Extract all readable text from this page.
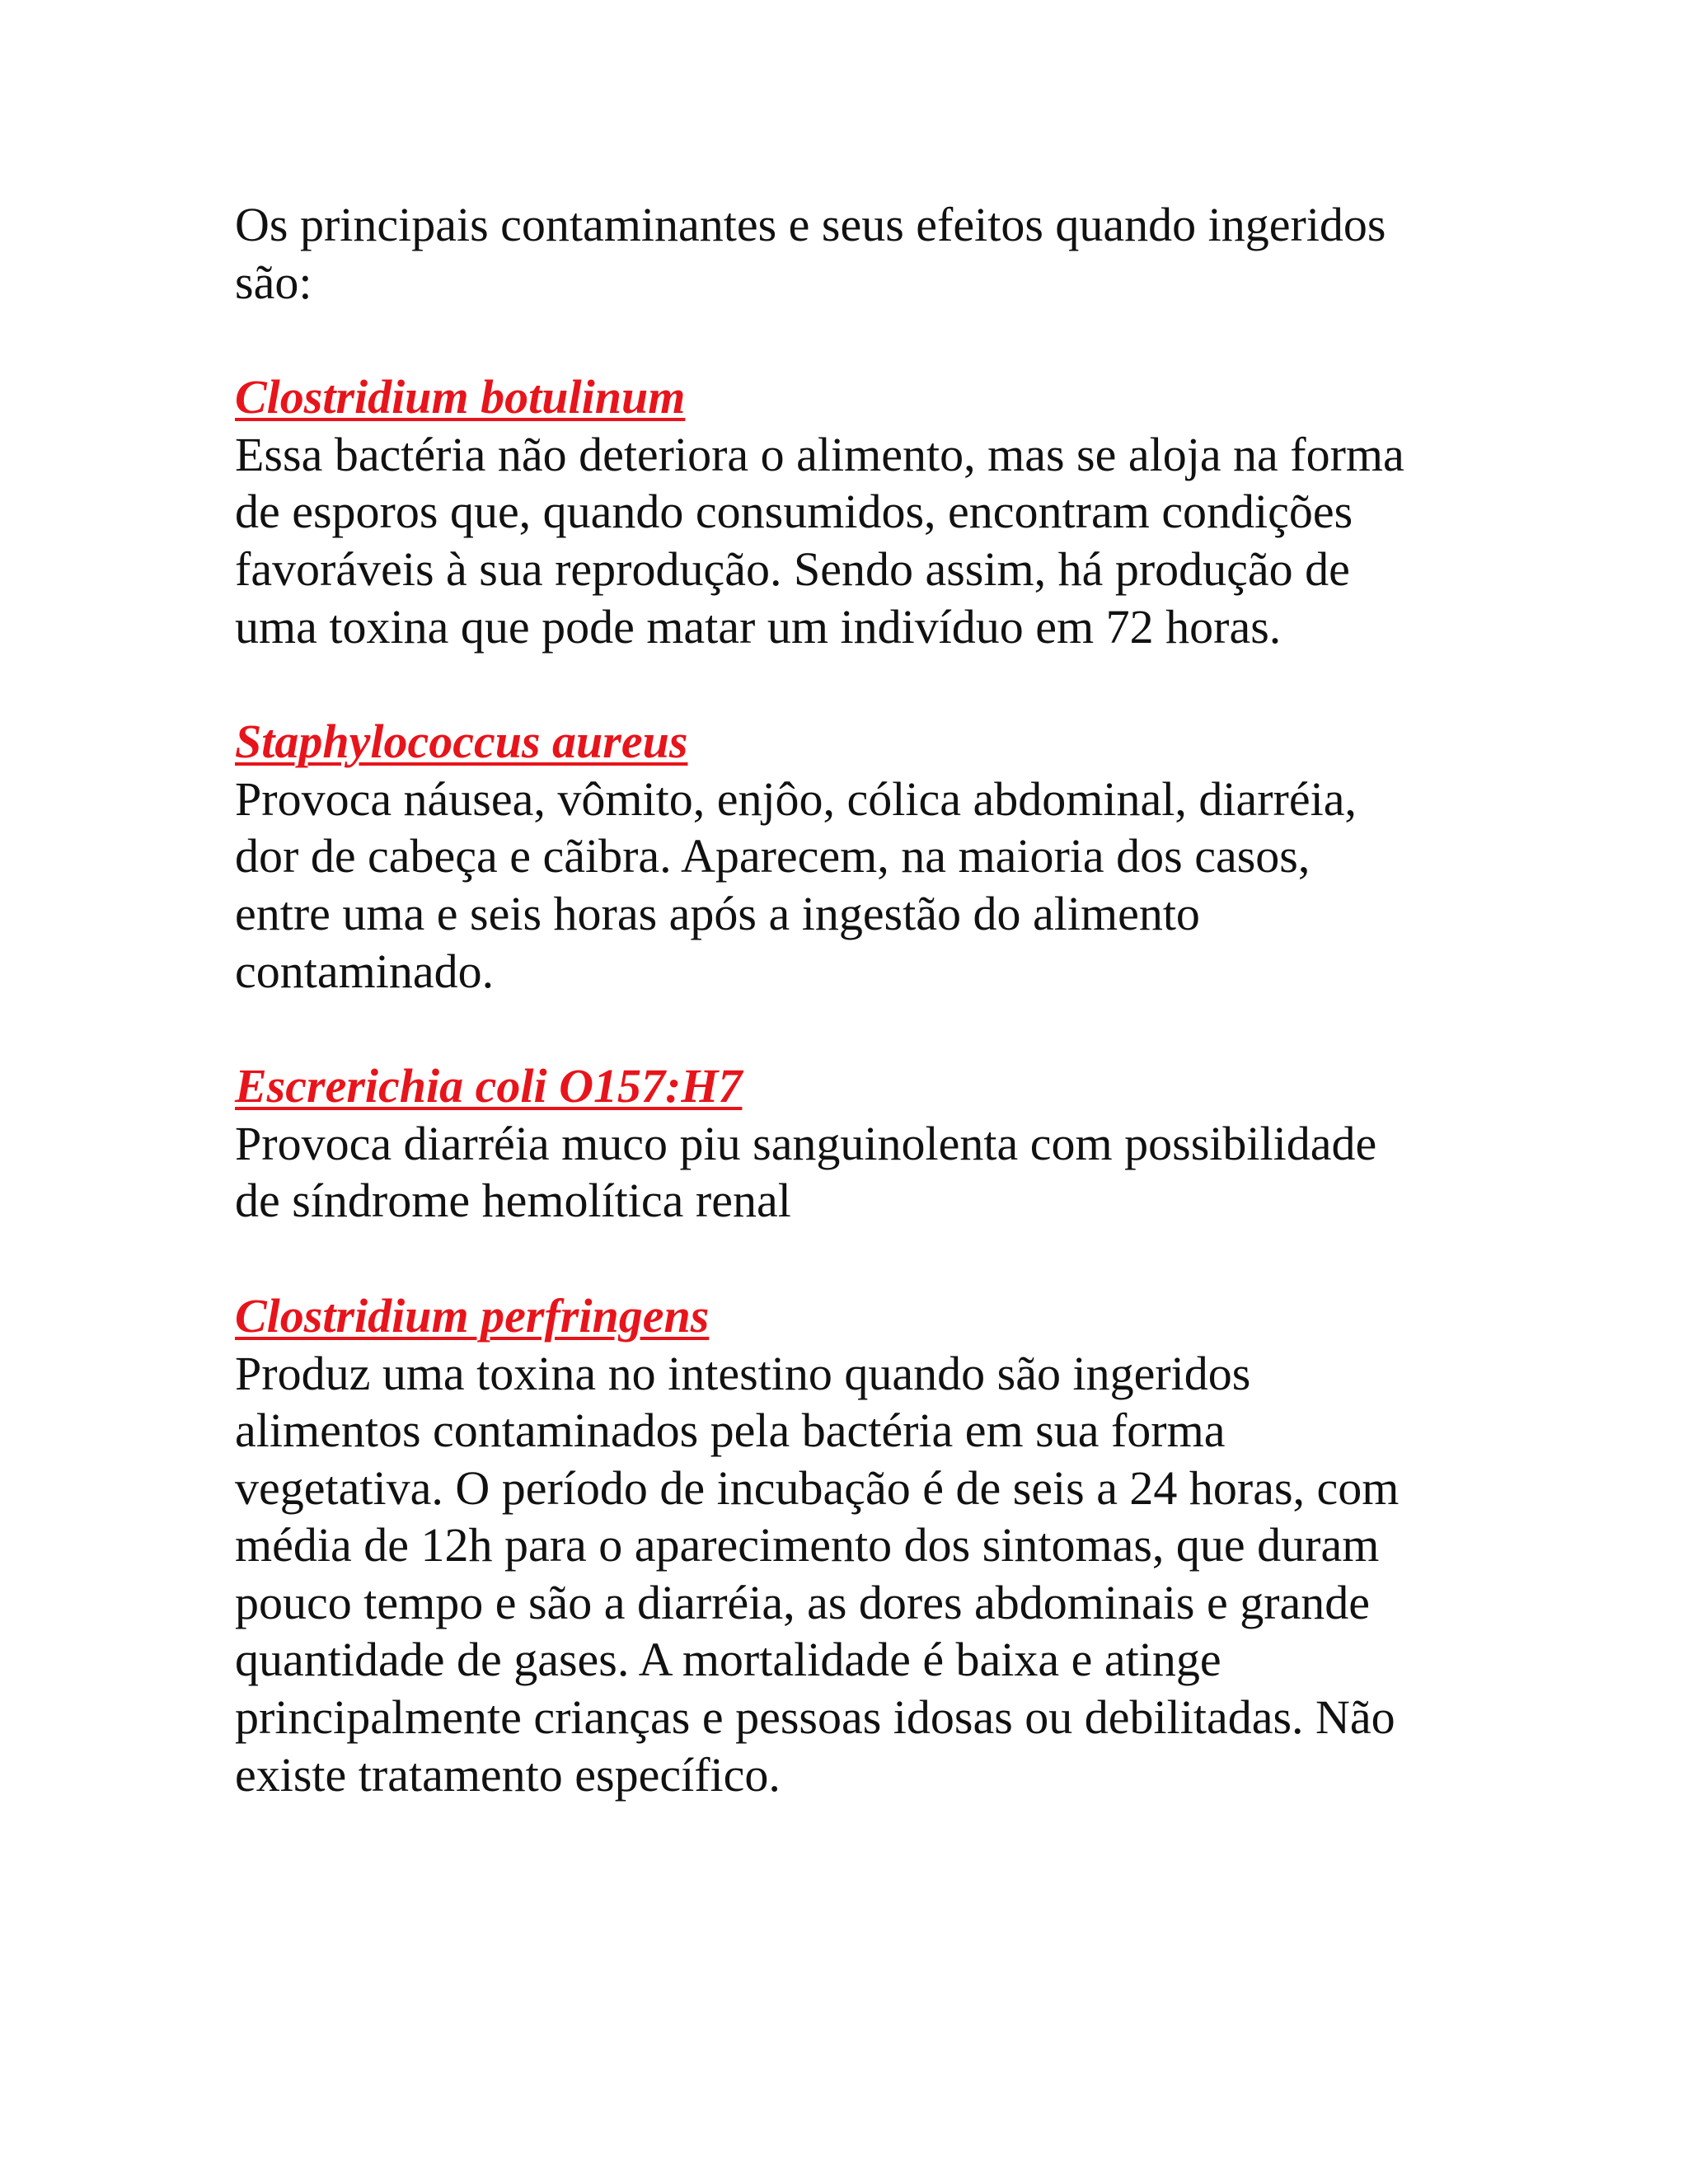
Os principais contaminantes e seus efeitos quando ingeridos

são:

Clostridium botulinum

Essa bactéria não deteriora o alimento, mas se aloja na forma

de esporos que, quando consumidos, encontram condições

favoráveis à sua reprodução. Sendo assim, há produção de

uma toxina que pode matar um indivíduo em 72 horas.

Staphylococcus aureus

Provoca náusea, vômito, enjôo, cólica abdominal, diarréia,

dor de cabeça e cãibra. Aparecem, na maioria dos casos,

entre uma e seis horas após a ingestão do alimento

contaminado.

Escrerichia coli O157:H7

Provoca diarréia muco piu sanguinolenta com possibilidade

de síndrome hemolítica renal

Clostridium perfringens

Produz uma toxina no intestino quando são ingeridos

alimentos contaminados pela bactéria em sua forma

vegetativa. O período de incubação é de seis a 24 horas, com

média de 12h para o aparecimento dos sintomas, que duram

pouco tempo e são a diarréia, as dores abdominais e grande

quantidade de gases. A mortalidade é baixa e atinge

principalmente crianças e pessoas idosas ou debilitadas. Não

existe tratamento específico.
